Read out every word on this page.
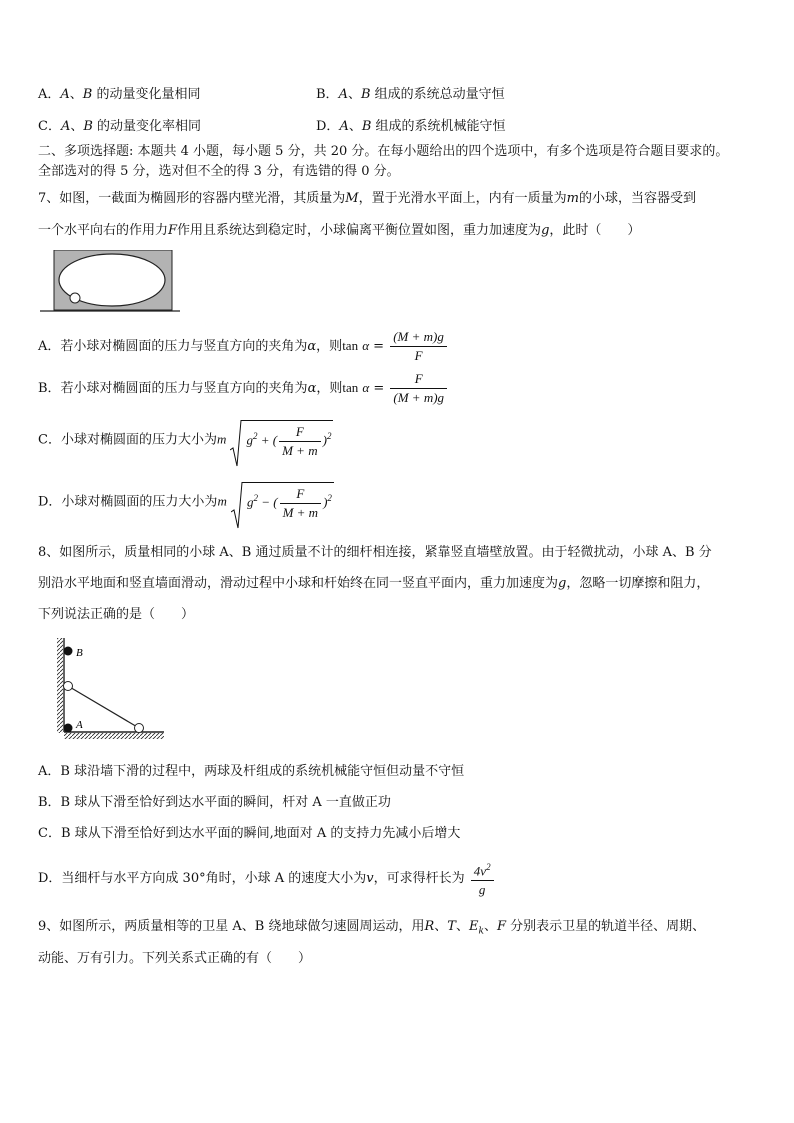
A．A、B 的动量变化量相同	B．A、B 组成的系统总动量守恒
C．A、B 的动量变化率相同	D．A、B 组成的系统机械能守恒
二、多项选择题: 本题共 4 小题，每小题 5 分，共 20 分。在每小题给出的四个选项中，有多个选项是符合题目要求的。
全部选对的得 5 分，选对但不全的得 3 分，有选错的得 0 分。
7、如图，一截面为椭圆形的容器内壁光滑，其质量为M，置于光滑水平面上，内有一质量为m的小球，当容器受到
一个水平向右的作用力F作用且系统达到稳定时，小球偏离平衡位置如图，重力加速度为g，此时（　　）
A．若小球对椭圆面的压力与竖直方向的夹角为α，则$\tan \alpha = \frac{(M + m)g}{F}$
B．若小球对椭圆面的压力与竖直方向的夹角为α，则$\tan \alpha = \frac{F}{(M + m)g}$
C．小球对椭圆面的压力大小为m $g^2$ + ( $\frac{F}{M + m} )^2$
D．小球对椭圆面的压力大小为m $g^2$ − ( $\frac{F}{M + m} )^2$
8、如图所示，质量相同的小球 A、B 通过质量不计的细杆相连接，紧靠竖直墙壁放置。由于轻微扰动，小球 A、B 分
别沿水平地面和竖直墙面滑动，滑动过程中小球和杆始终在同一竖直平面内，重力加速度为g，忽略一切摩擦和阻力，
下列说法正确的是（　　）
B
A
A．B 球沿墙下滑的过程中，两球及杆组成的系统机械能守恒但动量不守恒
B．B 球从下滑至恰好到达水平面的瞬间，杆对 A 一直做正功
C．B 球从下滑至恰好到达水平面的瞬间,地面对 A 的支持力先减小后增大
D．当细杆与水平方向成 30°角时，小球 A 的速度大小为v，可求得杆长为 $\frac{4v^2}{g}$
9、如图所示，两质量相等的卫星 A、B 绕地球做匀速圆周运动，用R、T、$E_k$、F 分别表示卫星的轨道半径、周期、
动能、万有引力。下列关系式正确的有（　　）
